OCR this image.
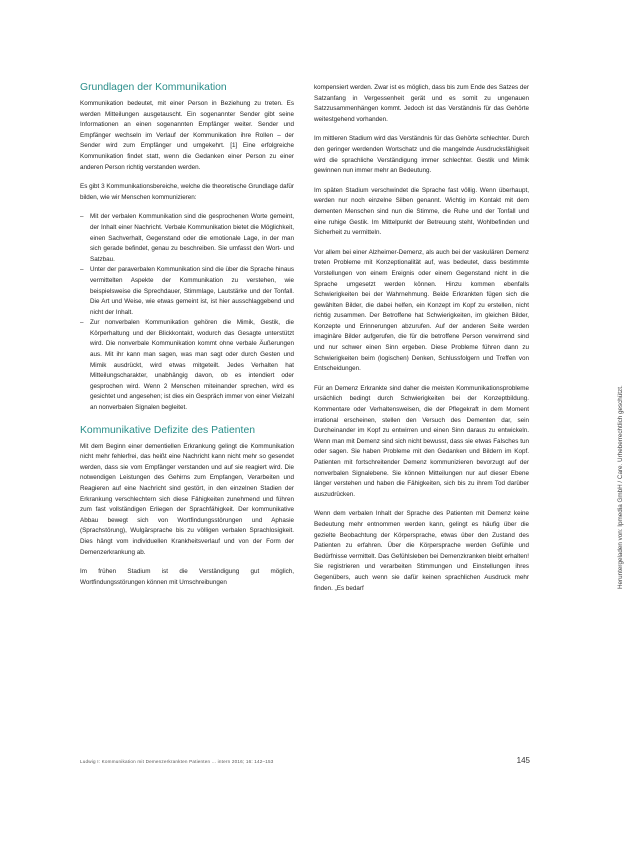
Grundlagen der Kommunikation

Kommunikation bedeutet, mit einer Person in Beziehung zu treten. Es werden Mitteilungen ausgetauscht. Ein sogenannter Sender gibt seine Informationen an einen sogenannten Empfänger weiter. Sender und Empfänger wechseln im Verlauf der Kommunikation ihre Rollen – der Sender wird zum Empfänger und umgekehrt. [1] Eine erfolgreiche Kommunikation findet statt, wenn die Gedanken einer Person zu einer anderen Person richtig verstanden werden.

Es gibt 3 Kommunikationsbereiche, welche die theoretische Grundlage dafür bilden, wie wir Menschen kommunizieren:

– Mit der verbalen Kommunikation sind die gesprochenen Worte gemeint, der Inhalt einer Nachricht. Verbale Kommunikation bietet die Möglichkeit, einen Sachverhalt, Gegenstand oder die emotionale Lage, in der man sich gerade befindet, genau zu beschreiben. Sie umfasst den Wort- und Satzbau.
– Unter der paraverbalen Kommunikation sind die über die Sprache hinaus vermittelten Aspekte der Kommunikation zu verstehen, wie beispielsweise die Sprechdauer, Stimmlage, Lautstärke und der Tonfall. Die Art und Weise, wie etwas gemeint ist, ist hier ausschlaggebend und nicht der Inhalt.
– Zur nonverbalen Kommunikation gehören die Mimik, Gestik, die Körperhaltung und der Blickkontakt, wodurch das Gesagte unterstützt wird. Die nonverbale Kommunikation kommt ohne verbale Äußerungen aus. Mit ihr kann man sagen, was man sagt oder durch Gesten und Mimik ausdrückt, wird etwas mitgeteilt. Jedes Verhalten hat Mitteilungscharakter, unabhängig davon, ob es intendiert oder gesprochen wird. Wenn 2 Menschen miteinander sprechen, wird es gesichtet und angesehen; ist dies ein Gespräch immer von einer Vielzahl an nonverbalen Signalen begleitet.
Kommunikative Defizite des Patienten

Mit dem Beginn einer dementiellen Erkrankung gelingt die Kommunikation nicht mehr fehlerfrei, das heißt eine Nachricht kann nicht mehr so gesendet werden, dass sie vom Empfänger verstanden und auf sie reagiert wird. Die notwendigen Leistungen des Gehirns zum Empfangen, Verarbeiten und Reagieren auf eine Nachricht sind gestört, in den einzelnen Stadien der Erkrankung verschlechtern sich diese Fähigkeiten zunehmend und führen zum fast vollständigen Erliegen der Sprachfähigkeit. Der kommunikative Abbau bewegt sich von Wortfindungsstörungen und Aphasie (Sprachstörung), Wulgärsprache bis zu völligen verbalen Sprachlosigkeit. Dies hängt vom individuellen Krankheitsverlauf und von der Form der Demenzerkrankung ab.

Im frühen Stadium ist die Verständigung gut möglich, Wortfindungsstörungen können mit Umschreibungen

kompensiert werden. Zwar ist es möglich, dass bis zum Ende des Satzes der Satzanfang in Vergessenheit gerät und es somit zu ungenauen Satzzusammenhängen kommt. Jedoch ist das Verständnis für das Gehörte weitestgehend vorhanden.

Im mittleren Stadium wird das Verständnis für das Gehörte schlechter. Durch den geringer werdenden Wortschatz und die mangelnde Ausdrucksfähigkeit wird die sprachliche Verständigung immer schlechter. Gestik und Mimik gewinnen nun immer mehr an Bedeutung.

Im späten Stadium verschwindet die Sprache fast völlig. Wenn überhaupt, werden nur noch einzelne Silben genannt. Wichtig im Kontakt mit dem dementen Menschen sind nun die Stimme, die Ruhe und der Tonfall und eine ruhige Gestik. Im Mittelpunkt der Betreuung steht, Wohlbefinden und Sicherheit zu vermitteln.

Vor allem bei einer Alzheimer-Demenz, als auch bei der vaskulären Demenz treten Probleme mit Konzeptionalität auf, was bedeutet, dass bestimmte Vorstellungen von einem Ereignis oder einem Gegenstand nicht in die Sprache umgesetzt werden können. Hinzu kommen ebenfalls Schwierigkeiten bei der Wahrnehmung. Beide Erkrankten fügen sich die gewählten Bilder, die dabei helfen, ein Konzept im Kopf zu erstellen, nicht richtig zusammen. Der Betroffene hat Schwierigkeiten, im gleichen Bilder, Konzepte und Erinnerungen abzurufen. Auf der anderen Seite werden imaginäre Bilder aufgerufen, die für die betroffene Person verwirrend sind und nur schwer einen Sinn ergeben. Diese Probleme führen dann zu Schwierigkeiten beim (logischen) Denken, Schlussfolgern und Treffen von Entscheidungen.

Für an Demenz Erkrankte sind daher die meisten Kommunikationsprobleme ursächlich bedingt durch Schwierigkeiten bei der Konzeptbildung. Kommentare oder Verhaltensweisen, die der Pflegekraft in dem Moment irrational erscheinen, stellen den Versuch des Dementen dar, sein Durcheinander im Kopf zu entwirren und einen Sinn daraus zu entwickeln. Wenn man mit Demenz sind sich nicht bewusst, dass sie etwas Falsches tun oder sagen. Sie haben Probleme mit den Gedanken und Bildern im Kopf. Patienten mit fortschreitender Demenz kommunizieren bevorzugt auf der nonverbalen Signalebene. Sie können Mitteilungen nur auf dieser Ebene länger verstehen und haben die Fähigkeiten, sich bis zu ihrem Tod darüber auszudrücken.

Wenn dem verbalen Inhalt der Sprache des Patienten mit Demenz keine Bedeutung mehr entnommen werden kann, gelingt es häufig über die gezielte Beobachtung der Körpersprache, etwas über den Zustand des Patienten zu erfahren. Über die Körpersprache werden Gefühle und Bedürfnisse vermittelt. Das Gefühlsleben bei Demenzkranken bleibt erhalten! Sie registrieren und verarbeiten Stimmungen und Einstellungen ihres Gegenübers, auch wenn sie dafür keinen sprachlichen Ausdruck mehr finden. „Es bedarf	Heruntergeladen von: Ipmedia GmbH / Care. Urheberrechtlich geschützt.
Ludwig I: Kommunikation mit Demenzerkrankten Patienten ... intern 2016; 16: 142–153	145
